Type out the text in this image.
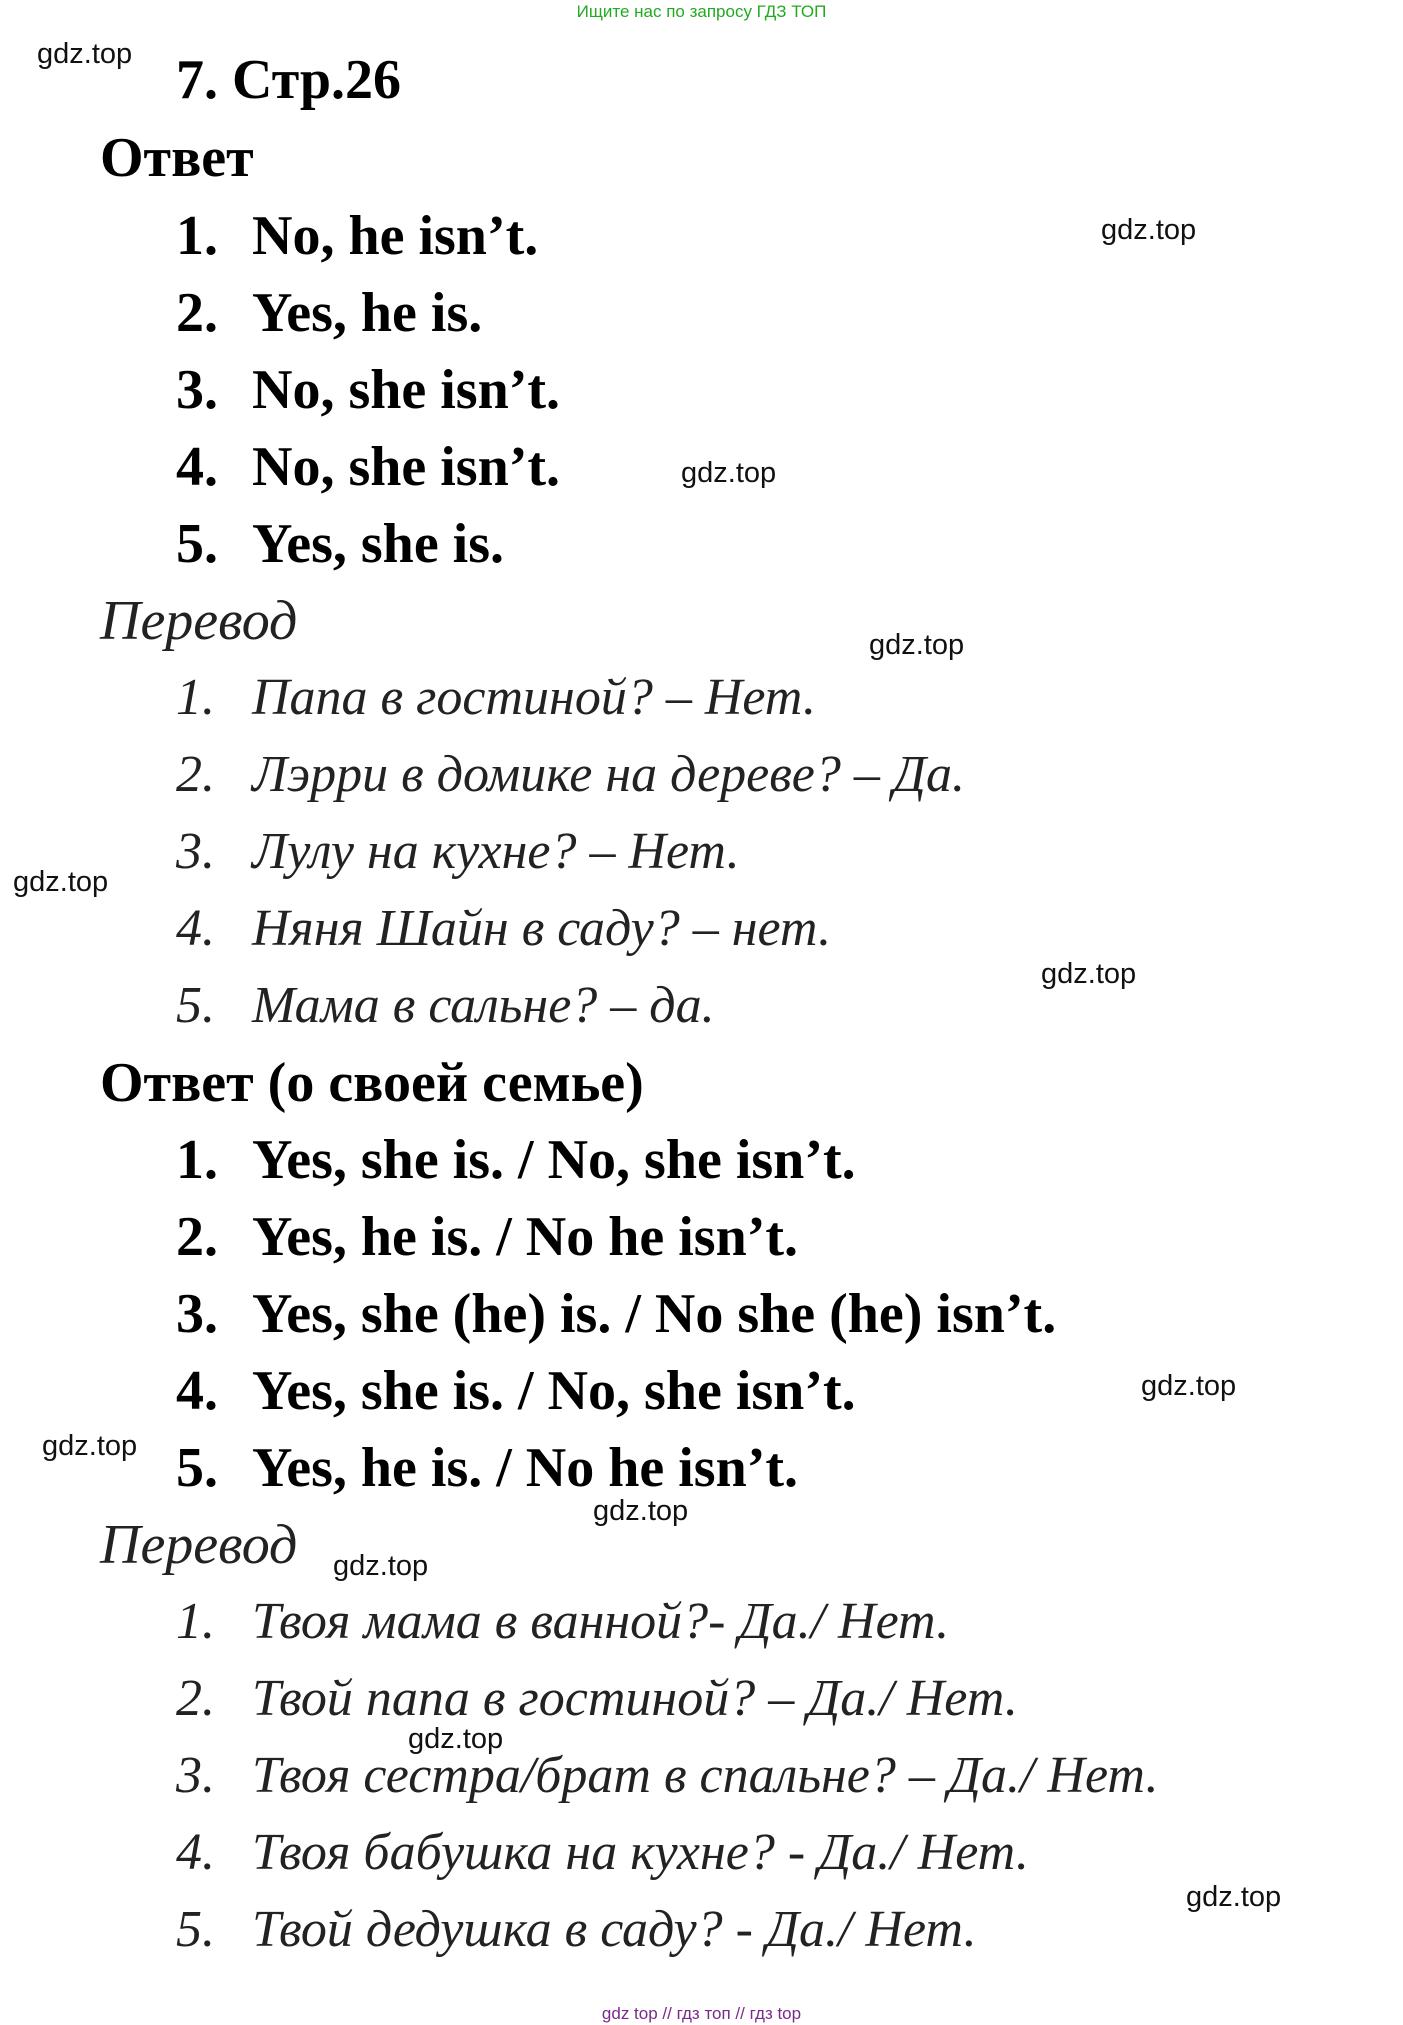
Ищите нас по запросу ГДЗ ТОП
7. Стр.26
Ответ
1. No, he isn’t.
2. Yes, he is.
3. No, she isn’t.
4. No, she isn’t.
5. Yes, she is.
Перевод
1. Папа в гостиной? – Нет.
2. Лэрри в домике на дереве? – Да.
3. Лулу на кухне? – Нет.
4. Няня Шайн в саду? – нет.
5. Мама в сальне? – да.
Ответ (о своей семье)
1. Yes, she is. / No, she isn’t.
2. Yes, he is. / No he isn’t.
3. Yes, she (he) is. / No she (he) isn’t.
4. Yes, she is. / No, she isn’t.
5. Yes, he is. / No he isn’t.
Перевод
1. Твоя мама в ванной?- Да./ Нет.
2. Твой папа в гостиной? – Да./ Нет.
3. Твоя сестра/брат в спальне? – Да./ Нет.
4. Твоя бабушка на кухне? - Да./ Нет.
5. Твой дедушка в саду? - Да./ Нет.
gdz.top
gdz.top
gdz.top
gdz.top
gdz.top
gdz.top
gdz.top
gdz.top
gdz.top
gdz.top
gdz.top
gdz.top
gdz top // гдз топ // гдз top
